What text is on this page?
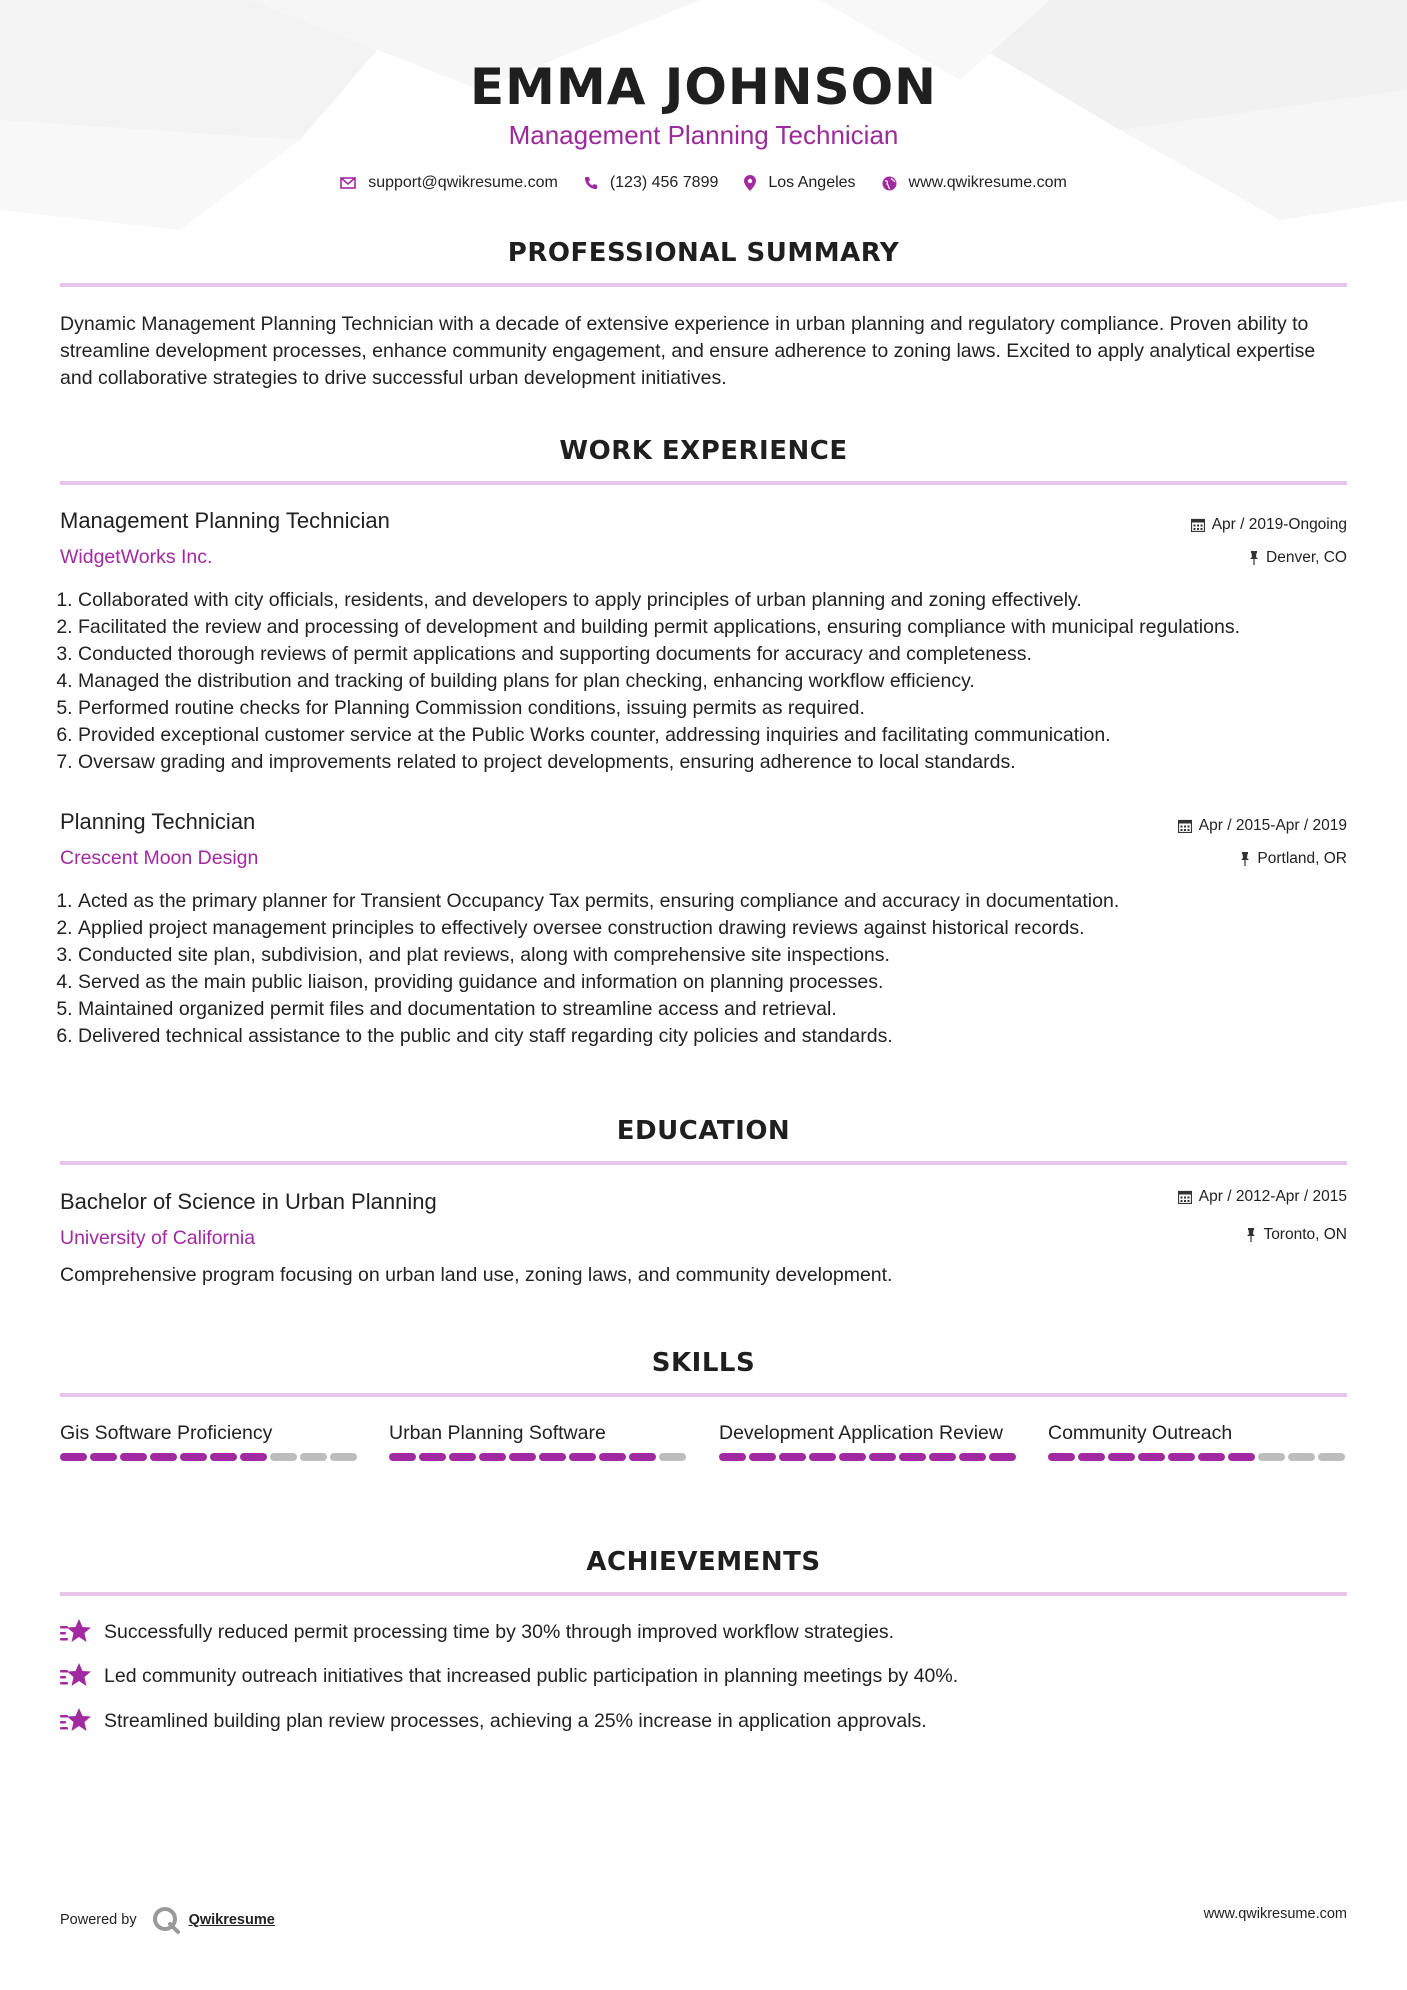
EMMA JOHNSON
Management Planning Technician
support@qwikresume.com	(123) 456 7899	Los Angeles	www.qwikresume.com
PROFESSIONAL SUMMARY
Dynamic Management Planning Technician with a decade of extensive experience in urban planning and regulatory compliance. Proven ability to streamline development processes, enhance community engagement, and ensure adherence to zoning laws. Excited to apply analytical expertise and collaborative strategies to drive successful urban development initiatives.
WORK EXPERIENCE
Management Planning Technician
WidgetWorks Inc.
Apr / 2019-Ongoing
Denver, CO
1. Collaborated with city officials, residents, and developers to apply principles of urban planning and zoning effectively.
2. Facilitated the review and processing of development and building permit applications, ensuring compliance with municipal regulations.
3. Conducted thorough reviews of permit applications and supporting documents for accuracy and completeness.
4. Managed the distribution and tracking of building plans for plan checking, enhancing workflow efficiency.
5. Performed routine checks for Planning Commission conditions, issuing permits as required.
6. Provided exceptional customer service at the Public Works counter, addressing inquiries and facilitating communication.
7. Oversaw grading and improvements related to project developments, ensuring adherence to local standards.
Planning Technician
Crescent Moon Design
Apr / 2015-Apr / 2019
Portland, OR
1. Acted as the primary planner for Transient Occupancy Tax permits, ensuring compliance and accuracy in documentation.
2. Applied project management principles to effectively oversee construction drawing reviews against historical records.
3. Conducted site plan, subdivision, and plat reviews, along with comprehensive site inspections.
4. Served as the main public liaison, providing guidance and information on planning processes.
5. Maintained organized permit files and documentation to streamline access and retrieval.
6. Delivered technical assistance to the public and city staff regarding city policies and standards.
EDUCATION
Bachelor of Science in Urban Planning
University of California
Apr / 2012-Apr / 2015
Toronto, ON
Comprehensive program focusing on urban land use, zoning laws, and community development.
SKILLS
Gis Software Proficiency	Urban Planning Software	Development Application Review	Community Outreach
ACHIEVEMENTS
Successfully reduced permit processing time by 30% through improved workflow strategies.
Led community outreach initiatives that increased public participation in planning meetings by 40%.
Streamlined building plan review processes, achieving a 25% increase in application approvals.
Powered by	Qwikresume	www.qwikresume.com
